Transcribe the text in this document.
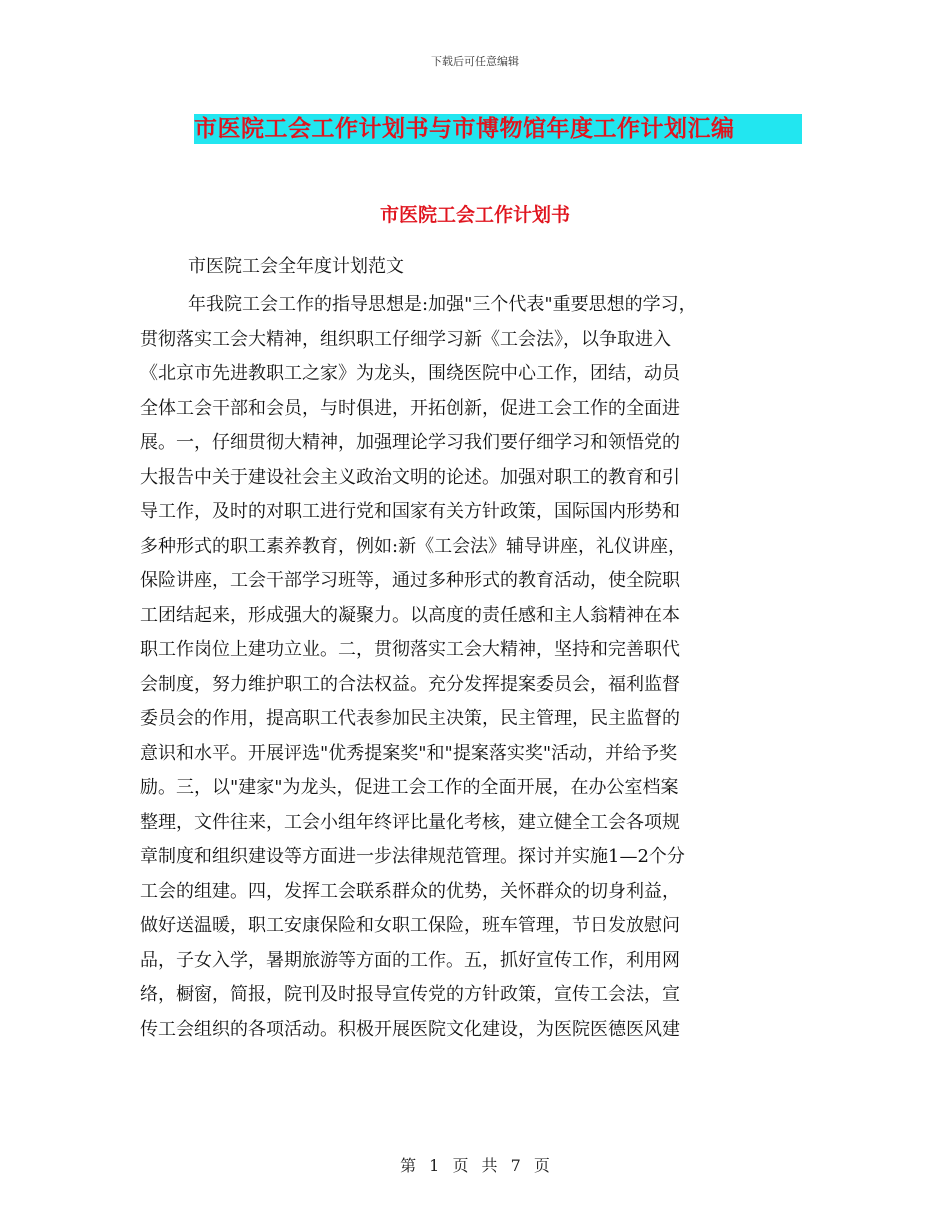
下载后可任意编辑
市医院工会工作计划书与市博物馆年度工作计划汇编
市医院工会工作计划书
市医院工会全年度计划范文
年我院工会工作的指导思想是:加强"三个代表"重要思想的学习，
贯彻落实工会大精神，组织职工仔细学习新《工会法》，以争取进入
《北京市先进教职工之家》为龙头，围绕医院中心工作，团结，动员
全体工会干部和会员，与时俱进，开拓创新，促进工会工作的全面进
展。一，仔细贯彻大精神，加强理论学习我们要仔细学习和领悟党的
大报告中关于建设社会主义政治文明的论述。加强对职工的教育和引
导工作，及时的对职工进行党和国家有关方针政策，国际国内形势和
多种形式的职工素养教育，例如:新《工会法》辅导讲座，礼仪讲座，
保险讲座，工会干部学习班等，通过多种形式的教育活动，使全院职
工团结起来，形成强大的凝聚力。以高度的责任感和主人翁精神在本
职工作岗位上建功立业。二，贯彻落实工会大精神，坚持和完善职代
会制度，努力维护职工的合法权益。充分发挥提案委员会，福利监督
委员会的作用，提高职工代表参加民主决策，民主管理，民主监督的
意识和水平。开展评选"优秀提案奖"和"提案落实奖"活动，并给予奖
励。三，以"建家"为龙头，促进工会工作的全面开展，在办公室档案
整理，文件往来，工会小组年终评比量化考核，建立健全工会各项规
章制度和组织建设等方面进一步法律规范管理。探讨并实施1—2个分
工会的组建。四，发挥工会联系群众的优势，关怀群众的切身利益，
做好送温暖，职工安康保险和女职工保险，班车管理，节日发放慰问
品，子女入学，暑期旅游等方面的工作。五，抓好宣传工作，利用网
络，橱窗，简报，院刊及时报导宣传党的方针政策，宣传工会法，宣
传工会组织的各项活动。积极开展医院文化建设，为医院医德医风建
第 1 页 共 7 页
